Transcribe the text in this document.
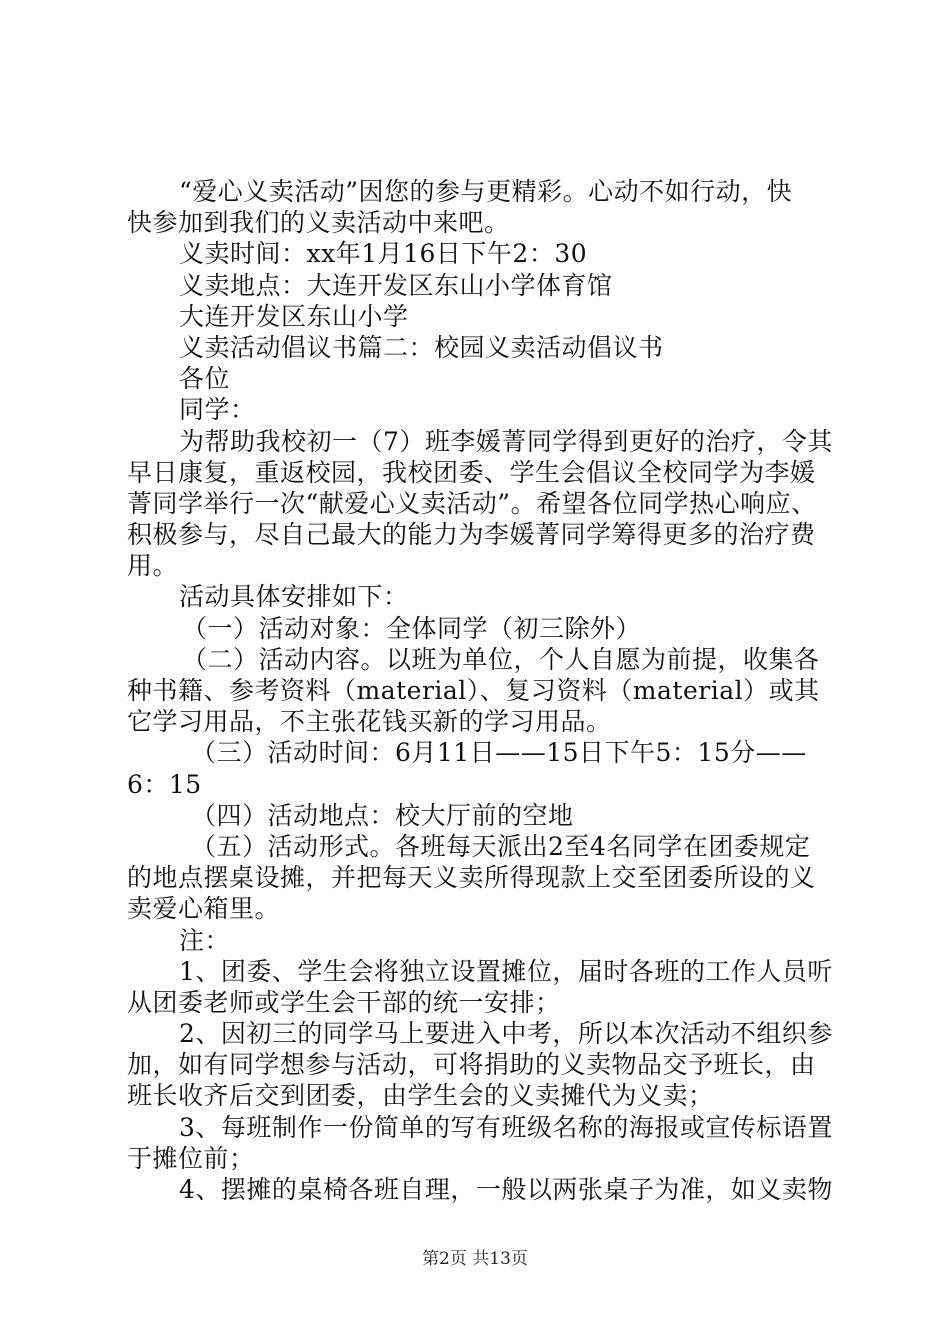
“爱心义卖活动”因您的参与更精彩。心动不如行动，快
快参加到我们的义卖活动中来吧。
义卖时间：xx年1月16日下午2：30
义卖地点：大连开发区东山小学体育馆
大连开发区东山小学
义卖活动倡议书篇二：校园义卖活动倡议书
各位
同学：
为帮助我校初一（7）班李媛菁同学得到更好的治疗，令其
早日康复，重返校园，我校团委、学生会倡议全校同学为李媛
菁同学举行一次“献爱心义卖活动”。希望各位同学热心响应、
积极参与，尽自己最大的能力为李媛菁同学筹得更多的治疗费
用。
活动具体安排如下：
（一）活动对象：全体同学（初三除外）
（二）活动内容。以班为单位，个人自愿为前提，收集各
种书籍、参考资料（material）、复习资料（material）或其
它学习用品，不主张花钱买新的学习用品。
（三）活动时间：6月11日——15日下午5：15分——
6：15
（四）活动地点：校大厅前的空地
（五）活动形式。各班每天派出2至4名同学在团委规定
的地点摆桌设摊，并把每天义卖所得现款上交至团委所设的义
卖爱心箱里。
注：
1、团委、学生会将独立设置摊位，届时各班的工作人员听
从团委老师或学生会干部的统一安排；
2、因初三的同学马上要进入中考，所以本次活动不组织参
加，如有同学想参与活动，可将捐助的义卖物品交予班长，由
班长收齐后交到团委，由学生会的义卖摊代为义卖；
3、每班制作一份简单的写有班级名称的海报或宣传标语置
于摊位前；
4、摆摊的桌椅各班自理，一般以两张桌子为准，如义卖物
第2页 共13页
